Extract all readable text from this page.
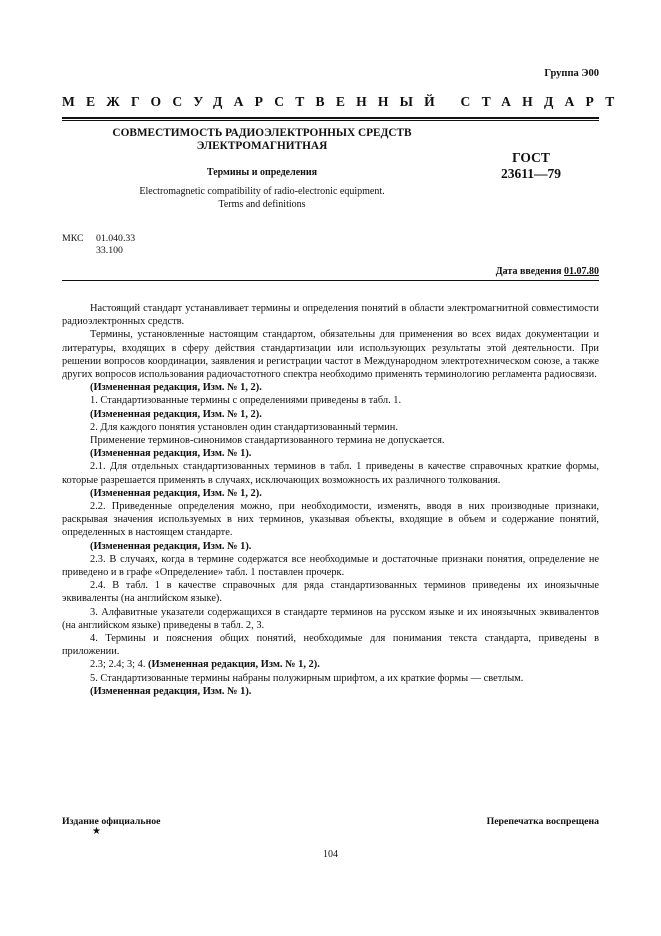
Группа Э00
МЕЖГОСУДАРСТВЕННЫЙ СТАНДАРТ
СОВМЕСТИМОСТЬ РАДИОЭЛЕКТРОННЫХ СРЕДСТВ
ЭЛЕКТРОМАГНИТНАЯ
Термины и определения
Electromagnetic compatibility of radio-electronic equipment.
Terms and definitions
ГОСТ
23611—79
МКС	01.040.33
33.100
Дата введения 01.07.80

Настоящий стандарт устанавливает термины и определения понятий в области электромагнитной совместимости радиоэлектронных средств.

Термины, установленные настоящим стандартом, обязательны для применения во всех видах документации и литературы, входящих в сферу действия стандартизации или использующих результаты этой деятельности. При решении вопросов координации, заявления и регистрации частот в Международном электротехническом союзе, а также других вопросов использования радиочастотного спектра необходимо применять терминологию регламента радиосвязи.

(Измененная редакция, Изм. № 1, 2).

1. Стандартизованные термины с определениями приведены в табл. 1.

(Измененная редакция, Изм. № 1, 2).

2. Для каждого понятия установлен один стандартизованный термин.

Применение терминов-синонимов стандартизованного термина не допускается.

(Измененная редакция, Изм. № 1).

2.1. Для отдельных стандартизованных терминов в табл. 1 приведены в качестве справочных краткие формы, которые разрешается применять в случаях, исключающих возможность их различного толкования.

(Измененная редакция, Изм. № 1, 2).

2.2. Приведенные определения можно, при необходимости, изменять, вводя в них производные признаки, раскрывая значения используемых в них терминов, указывая объекты, входящие в объем и содержание понятий, определенных в настоящем стандарте.

(Измененная редакция, Изм. № 1).

2.3. В случаях, когда в термине содержатся все необходимые и достаточные признаки понятия, определение не приведено и в графе «Определение» табл. 1 поставлен прочерк.

2.4. В табл. 1 в качестве справочных для ряда стандартизованных терминов приведены их иноязычные эквиваленты (на английском языке).

3. Алфавитные указатели содержащихся в стандарте терминов на русском языке и их иноязычных эквивалентов (на английском языке) приведены в табл. 2, 3.

4. Термины и пояснения общих понятий, необходимые для понимания текста стандарта, приведены в приложении.

2.3; 2.4; 3; 4. (Измененная редакция, Изм. № 1, 2).

5. Стандартизованные термины набраны полужирным шрифтом, а их краткие формы — светлым.

(Измененная редакция, Изм. № 1).

Издание официальное
★
Перепечатка воспрещена
104
